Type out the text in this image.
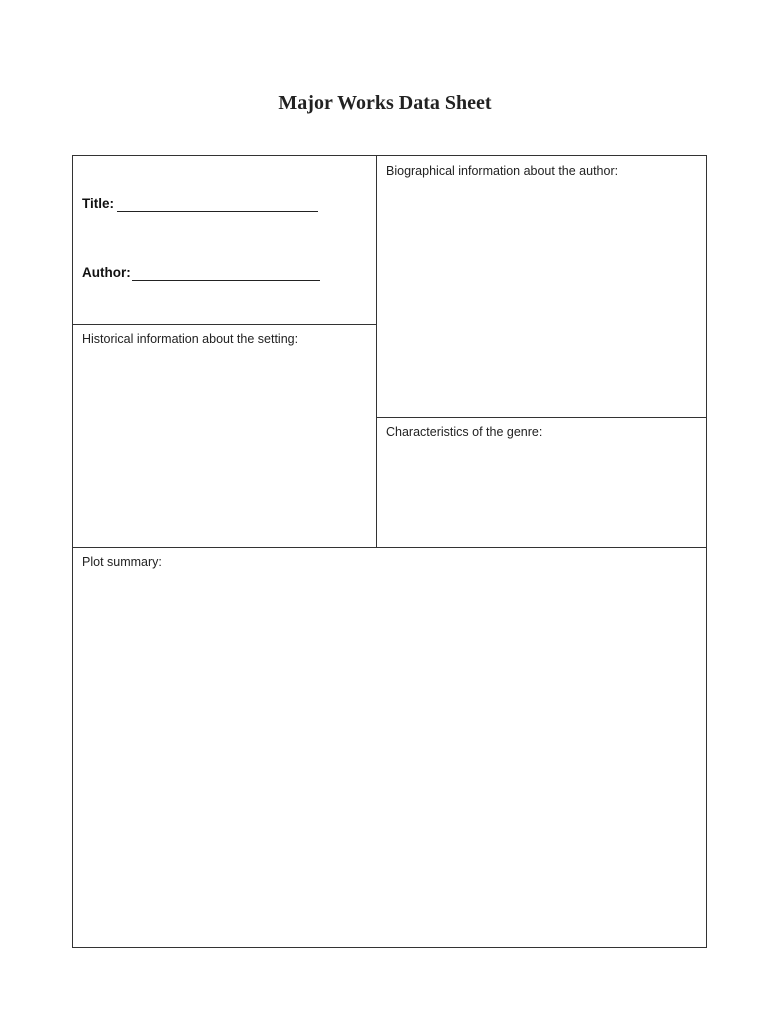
Major Works Data Sheet
Title:
Author:
Biographical information about the author:
Historical information about the setting:
Characteristics of the genre:
Plot summary:
